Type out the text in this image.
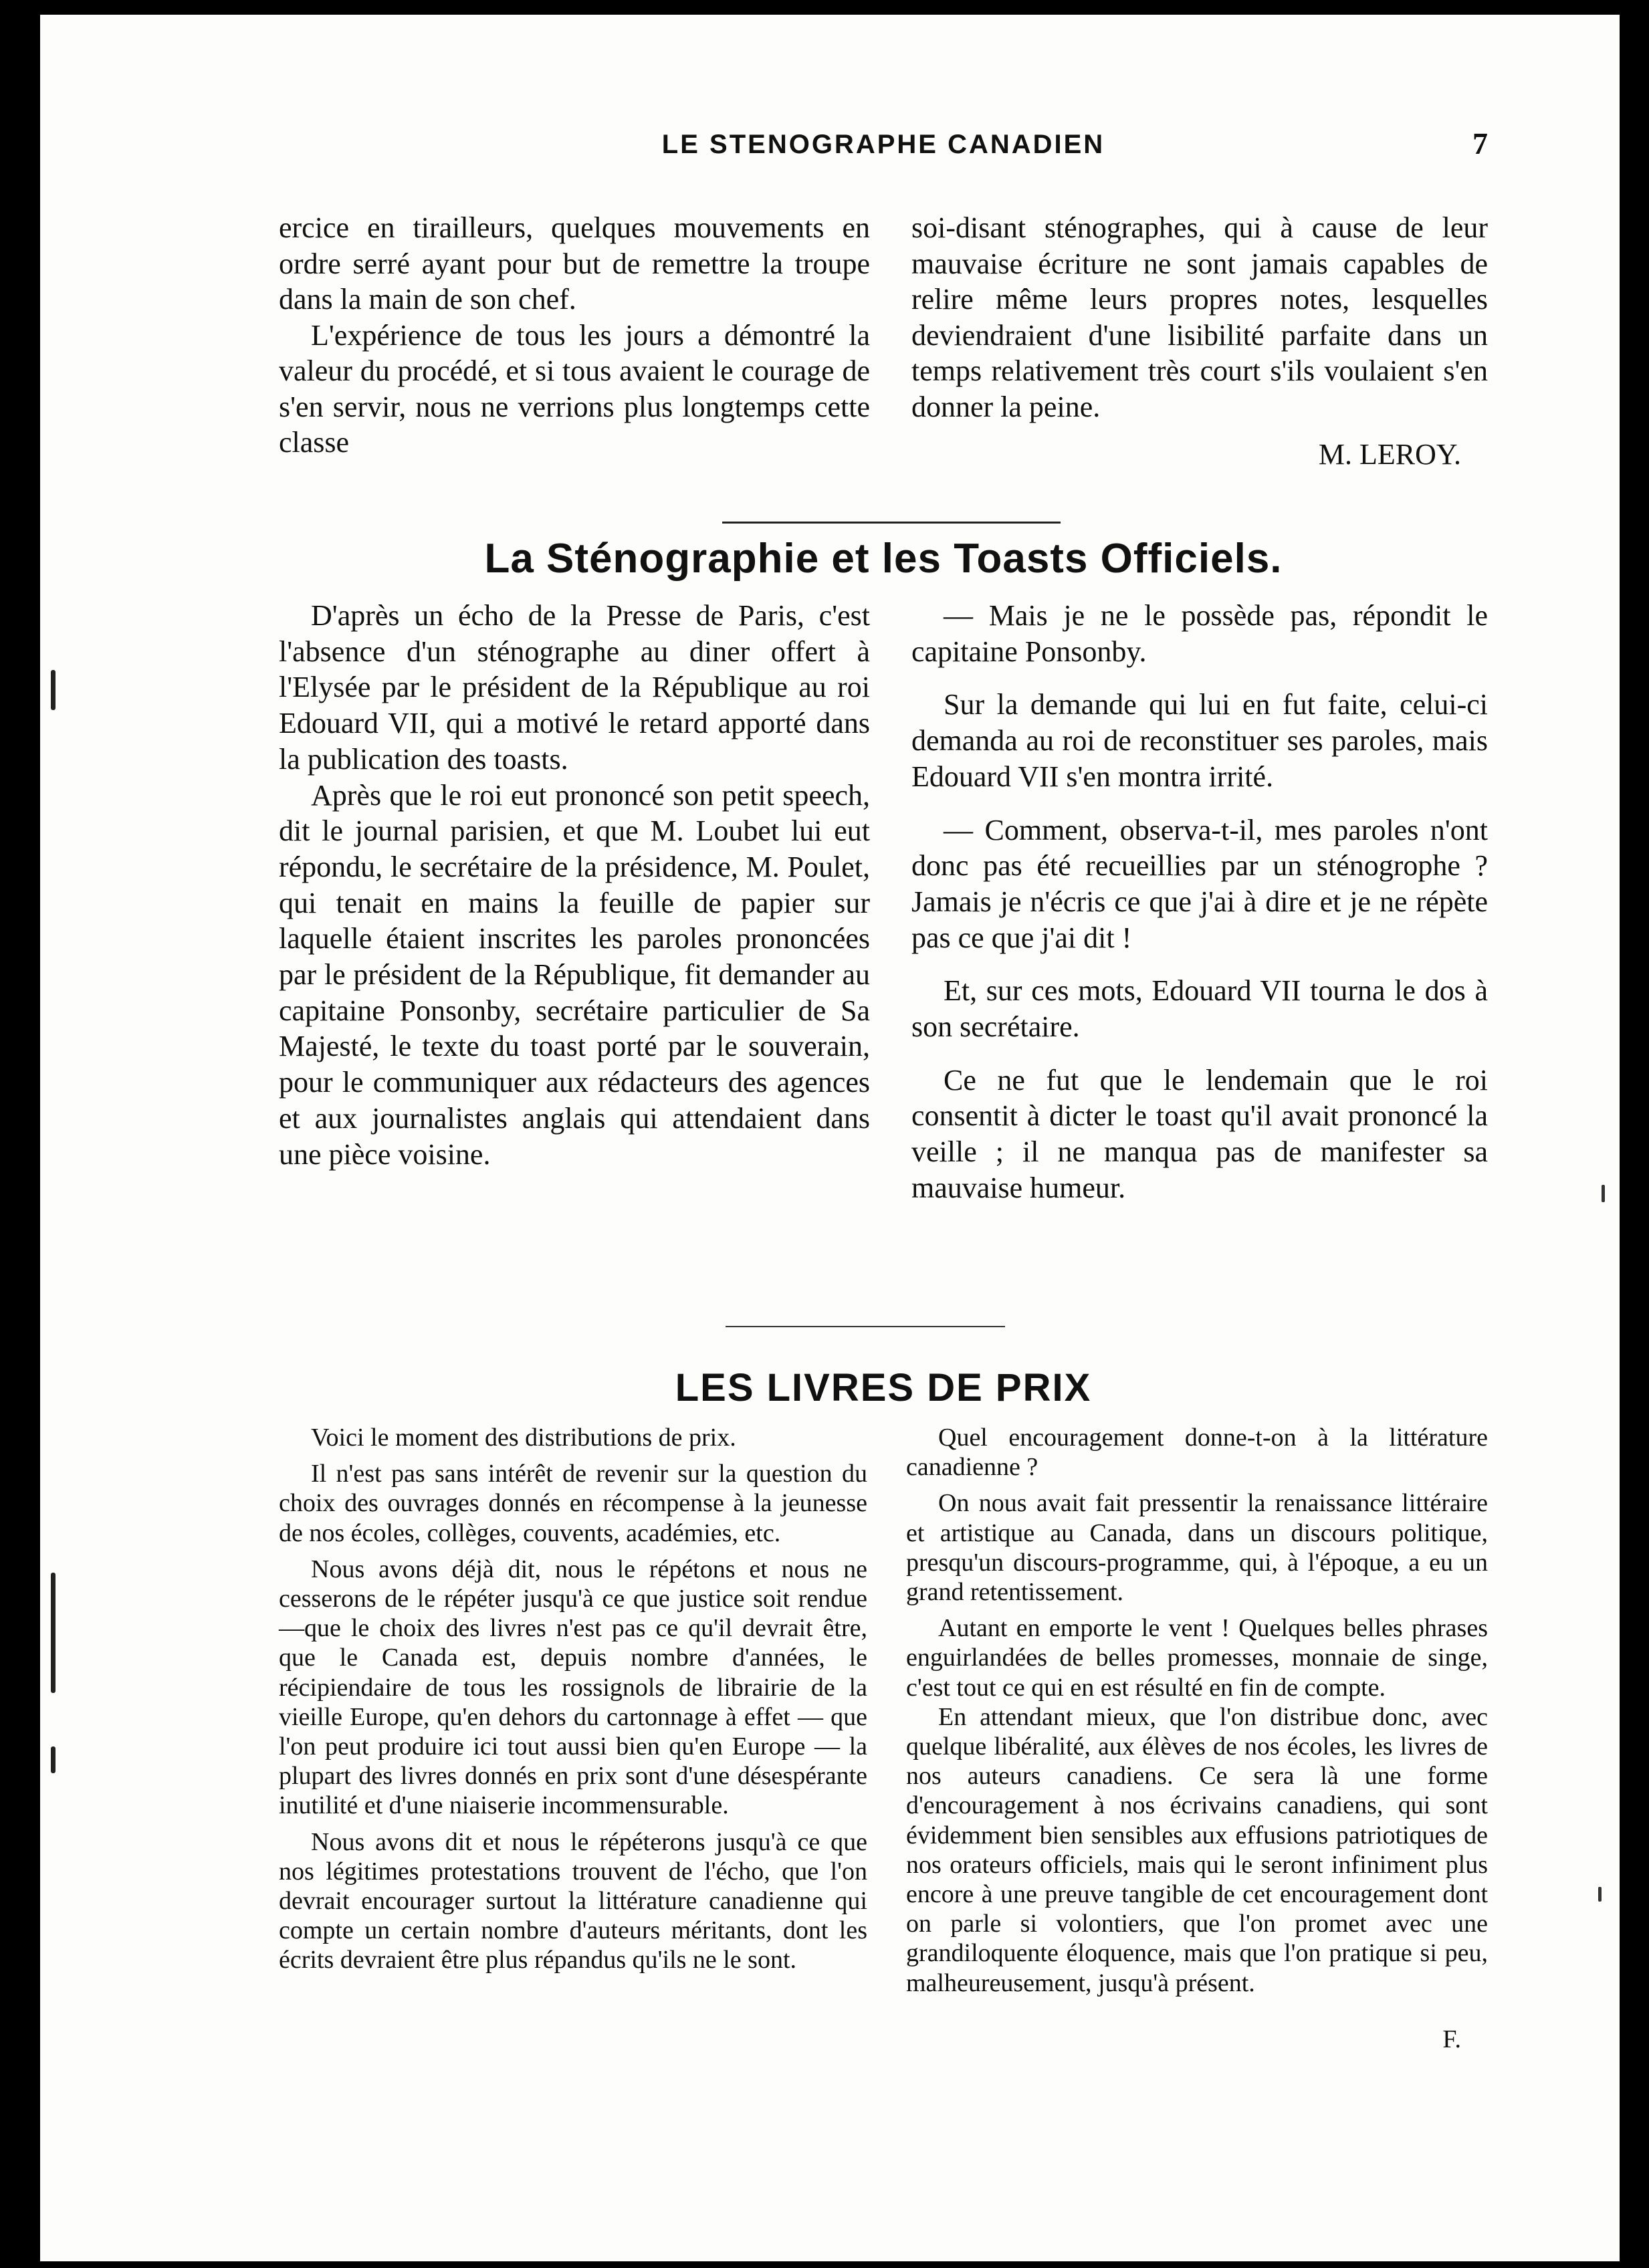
LE STENOGRAPHE CANADIEN	7

ercice en tirailleurs, quelques mouvements en ordre serré ayant pour but de remettre la troupe dans la main de son chef.

L'expérience de tous les jours a démontré la valeur du procédé, et si tous avaient le courage de s'en servir, nous ne verrions plus longtemps cette classe

soi-disant sténographes, qui à cause de leur mauvaise écriture ne sont jamais capables de relire même leurs propres notes, lesquelles deviendraient d'une lisibilité parfaite dans un temps relativement très court s'ils voulaient s'en donner la peine.

M. LEROY.

La Sténographie et les Toasts Officiels.

D'après un écho de la Presse de Paris, c'est l'absence d'un sténographe au diner offert à l'Elysée par le président de la République au roi Edouard VII, qui a motivé le retard apporté dans la publication des toasts.

Après que le roi eut prononcé son petit speech, dit le journal parisien, et que M. Loubet lui eut répondu, le secrétaire de la présidence, M. Poulet, qui tenait en mains la feuille de papier sur laquelle étaient inscrites les paroles prononcées par le président de la République, fit demander au capitaine Ponsonby, secrétaire particulier de Sa Majesté, le texte du toast porté par le souverain, pour le communiquer aux rédacteurs des agences et aux journalistes anglais qui attendaient dans une pièce voisine.

— Mais je ne le possède pas, répondit le capitaine Ponsonby.

Sur la demande qui lui en fut faite, celui-ci demanda au roi de reconstituer ses paroles, mais Edouard VII s'en montra irrité.

— Comment, observa-t-il, mes paroles n'ont donc pas été recueillies par un sténogrophe ? Jamais je n'écris ce que j'ai à dire et je ne répète pas ce que j'ai dit !

Et, sur ces mots, Edouard VII tourna le dos à son secrétaire.

Ce ne fut que le lendemain que le roi consentit à dicter le toast qu'il avait prononcé la veille ; il ne manqua pas de manifester sa mauvaise humeur.

LES LIVRES DE PRIX

Voici le moment des distributions de prix.

Il n'est pas sans intérêt de revenir sur la question du choix des ouvrages donnés en récompense à la jeunesse de nos écoles, collèges, couvents, académies, etc.

Nous avons déjà dit, nous le répétons et nous ne cesserons de le répéter jusqu'à ce que justice soit rendue—que le choix des livres n'est pas ce qu'il devrait être, que le Canada est, depuis nombre d'années, le récipiendaire de tous les rossignols de librairie de la vieille Europe, qu'en dehors du cartonnage à effet — que l'on peut produire ici tout aussi bien qu'en Europe — la plupart des livres donnés en prix sont d'une désespérante inutilité et d'une niaiserie incommensurable.

Nous avons dit et nous le répéterons jusqu'à ce que nos légitimes protestations trouvent de l'écho, que l'on devrait encourager surtout la littérature canadienne qui compte un certain nombre d'auteurs méritants, dont les écrits devraient être plus répandus qu'ils ne le sont.

Quel encouragement donne-t-on à la littérature canadienne ?

On nous avait fait pressentir la renaissance littéraire et artistique au Canada, dans un discours politique, presqu'un discours-programme, qui, à l'époque, a eu un grand retentissement.

Autant en emporte le vent ! Quelques belles phrases enguirlandées de belles promesses, monnaie de singe, c'est tout ce qui en est résulté en fin de compte.

En attendant mieux, que l'on distribue donc, avec quelque libéralité, aux élèves de nos écoles, les livres de nos auteurs canadiens. Ce sera là une forme d'encouragement à nos écrivains canadiens, qui sont évidemment bien sensibles aux effusions patriotiques de nos orateurs officiels, mais qui le seront infiniment plus encore à une preuve tangible de cet encouragement dont on parle si volontiers, que l'on promet avec une grandiloquente éloquence, mais que l'on pratique si peu, malheureusement, jusqu'à présent.

F.
